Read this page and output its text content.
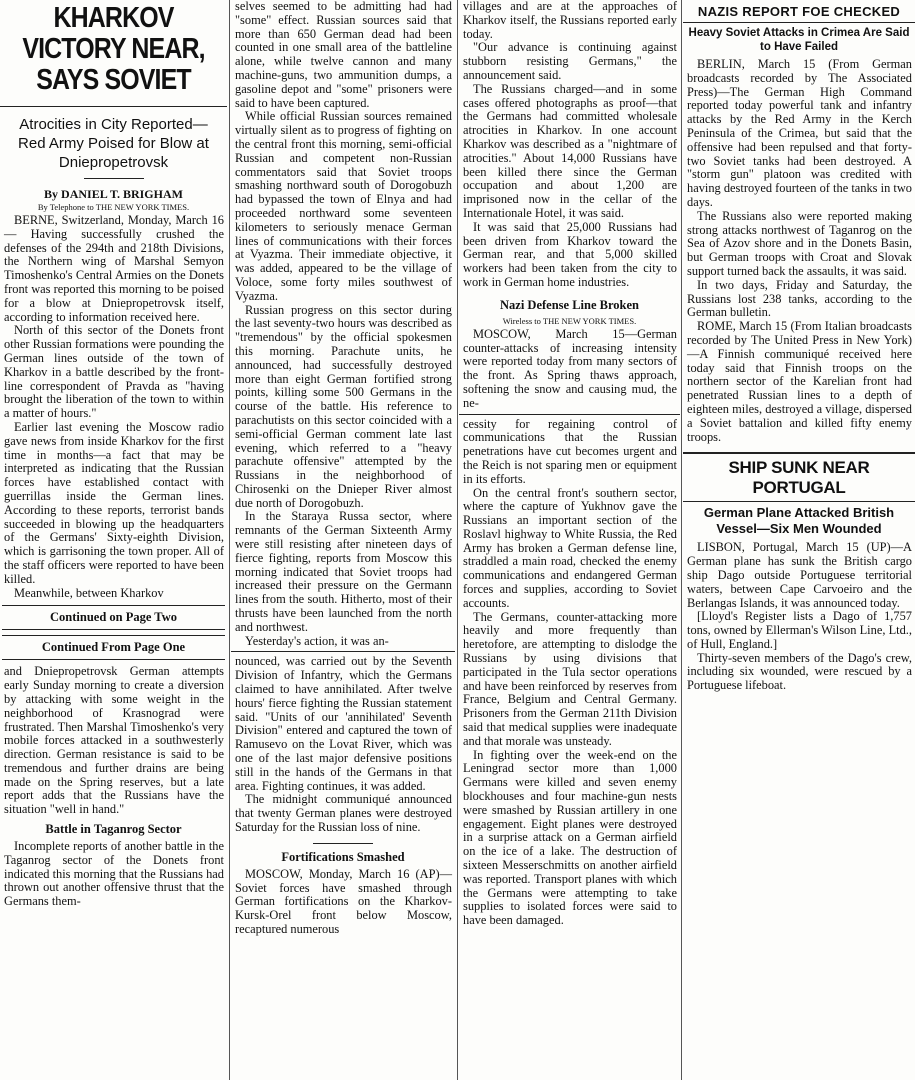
KHARKOV VICTORY NEAR, SAYS SOVIET
Atrocities in City Reported—Red Army Poised for Blow at Dniepropetrovsk
By DANIEL T. BRIGHAM
By Telephone to THE NEW YORK TIMES.

BERNE, Switzerland, Monday, March 16 — Having successfully crushed the defenses of the 294th and 218th Divisions, the Northern wing of Marshal Semyon Timoshenko's Central Armies on the Donets front was reported this morning to be poised for a blow at Dniepropetrovsk itself, according to information received here.

North of this sector of the Donets front other Russian formations were pounding the German lines outside of the town of Kharkov in a battle described by the front-line correspondent of Pravda as "having brought the liberation of the town to within a matter of hours."

Earlier last evening the Moscow radio gave news from inside Kharkov for the first time in months—a fact that may be interpreted as indicating that the Russian forces have established contact with guerrillas inside the German lines. According to these reports, terrorist bands succeeded in blowing up the headquarters of the Germans' Sixty-eighth Division, which is garrisoning the town proper. All of the staff officers were reported to have been killed.

Meanwhile, between Kharkov

Continued on Page Two
Continued From Page One

and Dniepropetrovsk German attempts early Sunday morning to create a diversion by attacking with some weight in the neighborhood of Krasnograd were frustrated. Then Marshal Timoshenko's very mobile forces attacked in a southwesterly direction. German resistance is said to be tremendous and further drains are being made on the Spring reserves, but a late report adds that the Russians have the situation "well in hand."

Battle in Taganrog Sector

Incomplete reports of another battle in the Taganrog sector of the Donets front indicated this morning that the Russians had thrown out another offensive thrust that the Germans them-

selves seemed to be admitting had had "some" effect. Russian sources said that more than 650 German dead had been counted in one small area of the battleline alone, while twelve cannon and many machine-guns, two ammunition dumps, a gasoline depot and "some" prisoners were said to have been captured.

While official Russian sources remained virtually silent as to progress of fighting on the central front this morning, semi-official Russian and competent non-Russian commentators said that Soviet troops smashing northward south of Dorogobuzh had bypassed the town of Elnya and had proceeded northward some seventeen kilometers to seriously menace German lines of communications with their forces at Vyazma. Their immediate objective, it was added, appeared to be the village of Voloce, some forty miles southwest of Vyazma.

Russian progress on this sector during the last seventy-two hours was described as "tremendous" by the official spokesmen this morning. Parachute units, he announced, had successfully destroyed more than eight German fortified strong points, killing some 500 Germans in the course of the battle. His reference to parachutists on this sector coincided with a semi-official German comment late last evening, which referred to a "heavy parachute offensive" attempted by the Russians in the neighborhood of Chirosenki on the Dnieper River almost due north of Dorogobuzh.

In the Staraya Russa sector, where remnants of the German Sixteenth Army were still resisting after nineteen days of fierce fighting, reports from Moscow this morning indicated that Soviet troops had increased their pressure on the Germann lines from the south. Hitherto, most of their thrusts have been launched from the north and northwest.

Yesterday's action, it was an-

nounced, was carried out by the Seventh Division of Infantry, which the Germans claimed to have annihilated. After twelve hours' fierce fighting the Russian statement said. "Units of our 'annihilated' Seventh Division" entered and captured the town of Ramusevo on the Lovat River, which was one of the last major defensive positions still in the hands of the Germans in that area. Fighting continues, it was added.

The midnight communiqué announced that twenty German planes were destroyed Saturday for the Russian loss of nine.

Fortifications Smashed

MOSCOW, Monday, March 16 (AP)—Soviet forces have smashed through German fortifications on the Kharkov-Kursk-Orel front below Moscow, recaptured numerous

villages and are at the approaches of Kharkov itself, the Russians reported early today.

"Our advance is continuing against stubborn resisting Germans," the announcement said.

The Russians charged—and in some cases offered photographs as proof—that the Germans had committed wholesale atrocities in Kharkov. In one account Kharkov was described as a "nightmare of atrocities." About 14,000 Russians have been killed there since the German occupation and about 1,200 are imprisoned now in the cellar of the Internationale Hotel, it was said.

It was said that 25,000 Russians had been driven from Kharkov toward the German rear, and that 5,000 skilled workers had been taken from the city to work in German home industries.

Nazi Defense Line Broken
Wireless to THE NEW YORK TIMES.

MOSCOW, March 15—German counter-attacks of increasing intensity were reported today from many sectors of the front. As Spring thaws approach, softening the snow and causing mud, the ne-

cessity for regaining control of communications that the Russian penetrations have cut becomes urgent and the Reich is not sparing men or equipment in its efforts.

On the central front's southern sector, where the capture of Yukhnov gave the Russians an important section of the Roslavl highway to White Russia, the Red Army has broken a German defense line, straddled a main road, checked the enemy communications and endangered German forces and supplies, according to Soviet accounts.

The Germans, counter-attacking more heavily and more frequently than heretofore, are attempting to dislodge the Russians by using divisions that participated in the Tula sector operations and have been reinforced by reserves from France, Belgium and Central Germany. Prisoners from the German 211th Division said that medical supplies were inadequate and that morale was unsteady.

In fighting over the week-end on the Leningrad sector more than 1,000 Germans were killed and seven enemy blockhouses and four machine-gun nests were smashed by Russian artillery in one engagement. Eight planes were destroyed in a surprise attack on a German airfield on the ice of a lake. The destruction of sixteen Messerschmitts on another airfield was reported. Transport planes with which the Germans were attempting to take supplies to isolated forces were said to have been damaged.

NAZIS REPORT FOE CHECKED
Heavy Soviet Attacks in Crimea Are Said to Have Failed

BERLIN, March 15 (From German broadcasts recorded by The Associated Press)—The German High Command reported today powerful tank and infantry attacks by the Red Army in the Kerch Peninsula of the Crimea, but said that the offensive had been repulsed and that forty-two Soviet tanks had been destroyed. A "storm gun" platoon was credited with having destroyed fourteen of the tanks in two days.

The Russians also were reported making strong attacks northwest of Taganrog on the Sea of Azov shore and in the Donets Basin, but German troops with Croat and Slovak support turned back the assaults, it was said.

In two days, Friday and Saturday, the Russians lost 238 tanks, according to the German bulletin.

ROME, March 15 (From Italian broadcasts recorded by The United Press in New York)—A Finnish communiqué received here today said that Finnish troops on the northern sector of the Karelian front had penetrated Russian lines to a depth of eighteen miles, destroyed a village, dispersed a Soviet battalion and killed fifty enemy troops.

SHIP SUNK NEAR PORTUGAL
German Plane Attacked British Vessel—Six Men Wounded

LISBON, Portugal, March 15 (UP)—A German plane has sunk the British cargo ship Dago outside Portuguese territorial waters, between Cape Carvoeiro and the Berlangas Islands, it was announced today.

[Lloyd's Register lists a Dago of 1,757 tons, owned by Ellerman's Wilson Line, Ltd., of Hull, England.]

Thirty-seven members of the Dago's crew, including six wounded, were rescued by a Portuguese lifeboat.
